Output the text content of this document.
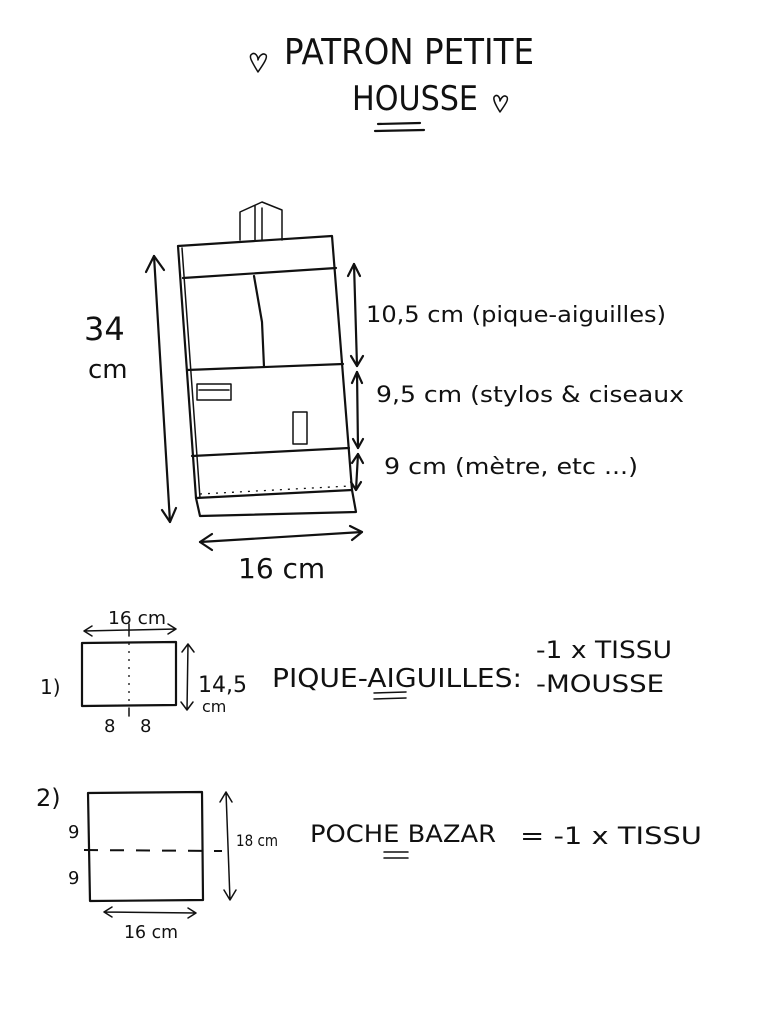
PATRON PETITE
HOUSSE
34
cm
16 cm
10,5 cm (pique-aiguilles)
9,5 cm (stylos & ciseaux
9 cm (mètre, etc ...)
1)
16 cm
14,5
cm
8 8
PIQUE- AIGUILLES:
-1 x TISSU
-MOUSSE
2)
9
9
18 cm
16 cm
POCHE BAZAR = -1 x TISSU
